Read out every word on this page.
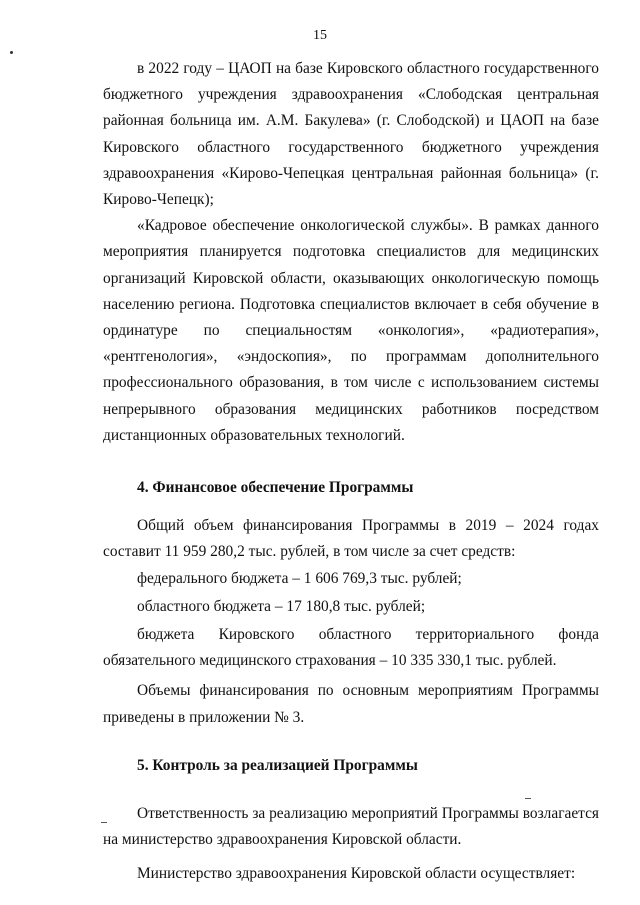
15

в 2022 году – ЦАОП на базе Кировского областного государственного бюджетного учреждения здравоохранения «Слободская центральная районная больница им. А.М. Бакулева» (г. Слободской) и ЦАОП на базе Кировского областного государственного бюджетного учреждения здравоохранения «Кирово-Чепецкая центральная районная больница» (г. Кирово-Чепецк);

«Кадровое обеспечение онкологической службы». В рамках данного мероприятия планируется подготовка специалистов для медицинских организаций Кировской области, оказывающих онкологическую помощь населению региона. Подготовка специалистов включает в себя обучение в ординатуре по специальностям «онкология», «радиотерапия», «рентгенология», «эндоскопия», по программам дополнительного профессионального образования, в том числе с использованием системы непрерывного образования медицинских работников посредством дистанционных образовательных технологий.

4. Финансовое обеспечение Программы

Общий объем финансирования Программы в 2019 – 2024 годах составит 11 959 280,2 тыс. рублей, в том числе за счет средств:

федерального бюджета – 1 606 769,3 тыс. рублей;

областного бюджета – 17 180,8 тыс. рублей;

бюджета Кировского областного территориального фонда

обязательного медицинского страхования – 10 335 330,1 тыс. рублей.

Объемы финансирования по основным мероприятиям Программы приведены в приложении № 3.

5. Контроль за реализацией Программы

Ответственность за реализацию мероприятий Программы возлагается на министерство здравоохранения Кировской области.

Министерство здравоохранения Кировской области осуществляет:
